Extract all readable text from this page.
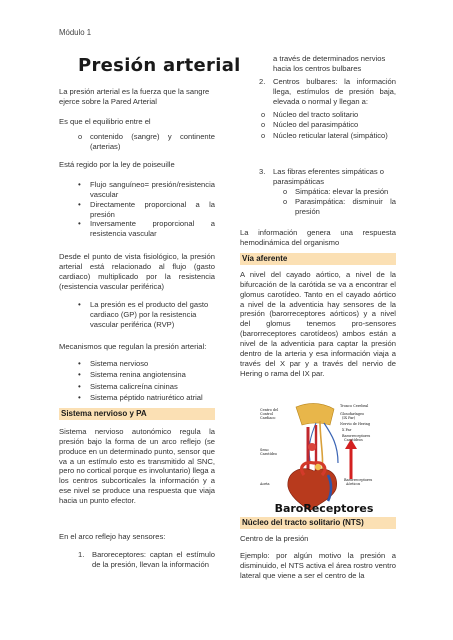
Módulo 1
Presión arterial

La presión arterial es la fuerza que la sangre ejerce sobre la Pared Arterial

Es que el equilibrio entre el

o contenido (sangre) y continente (arterias)

Está regido por la ley de poiseuille

• Flujo sanguíneo= presión/resistencia vascular
• Directamente proporcional a la presión
• Inversamente proporcional a resistencia vascular

Desde el punto de vista fisiológico, la presión arterial está relacionado al flujo (gasto cardiaco) multiplicado por la resistencia (resistencia vascular periférica)

• La presión es el producto del gasto cardiaco (GP) por la resistencia vascular periférica (RVP)

Mecanismos que regulan la presión arterial:

• Sistema nervioso
• Sistema renina angiotensina
• Sistema calicreína cininas
• Sistema péptido natriurético atrial
Sistema nervioso y PA

Sistema nervioso autonómico regula la presión bajo la forma de un arco reflejo (se produce en un determinado punto, sensor que va a un estímulo esto es transmitido al SNC, pero no cortical porque es involuntario) llega a los centros subcorticales la información y a ese nivel se produce una respuesta que viaja hacia un punto efector.

En el arco reflejo hay sensores:

1. Baroreceptores: captan el estímulo de la presión, llevan la información

a través de determinados nervios hacia los centros bulbares

2. Centros bulbares: la información llega, estímulos de presión baja, elevada o normal y llegan a:
o Núcleo del tracto solitario
o Núcleo del parasimpático
o Núcleo reticular lateral (simpático)
3. Las fibras eferentes simpáticas o parasimpáticas
o Simpática: elevar la presión
o Parasimpática: disminuir la presión

La información genera una respuesta hemodinámica del organismo

Vía aferente

A nivel del cayado aórtico, a nivel de la bifurcación de la carótida se va a encontrar el glomus carotídeo. Tanto en el cayado aórtico a nivel de la adventicia hay sensores de la presión (barorreceptores aórticos) y a nivel del glomus tenemos pro-sensores (barorreceptores carotídeos) ambos están a nivel de la adventicia para captar la presión dentro de la arteria y esa información viaja a través del X par y a través del nervio de Hering o rama del IX par.

Núcleo del tracto solitario (NTS)

Centro de la presión

Ejemplo: por algún motivo la presión a disminuido, el NTS activa el área rostro ventro lateral que viene a ser el centro de la

Centro del
Control
Cardiaco
Tronco Cerebral
Glosofaríngeo
(IX Par)
Nervio de Hering
X Par
Barorreceptores
Carotídeos
Seno
Carotídeo
Aorta
Barorreceptores
Aórticos
BaroReceptores
